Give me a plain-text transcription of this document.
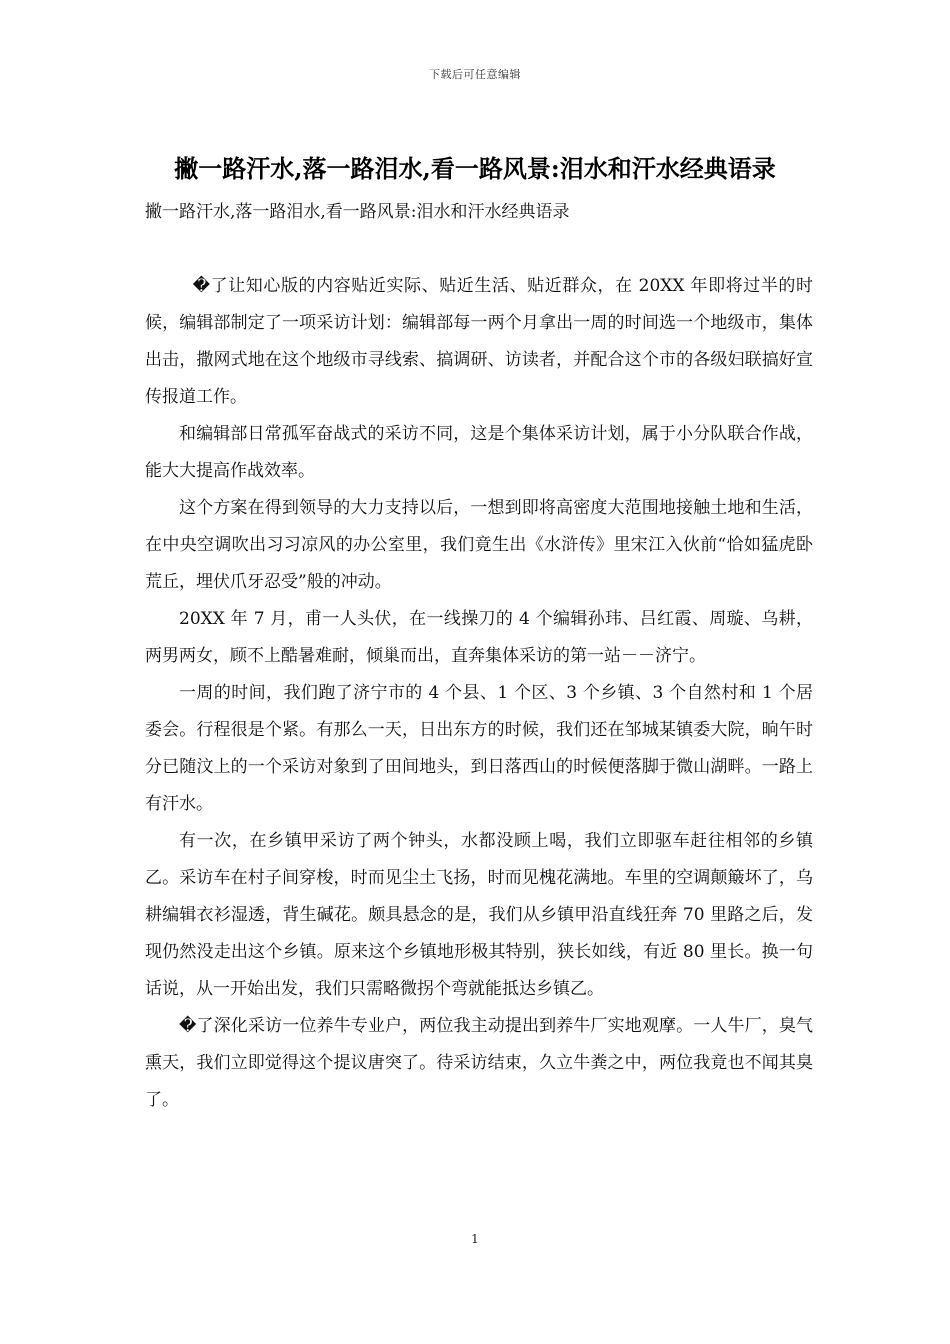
下载后可任意编辑
撇一路汗水,落一路泪水,看一路风景:泪水和汗水经典语录
撇一路汗水,落一路泪水,看一路风景:泪水和汗水经典语录

�了让知心版的内容贴近实际、贴近生活、贴近群众，在 20XX 年即将过半的时候，编辑部制定了一项采访计划：编辑部每一两个月拿出一周的时间选一个地级市，集体出击，撒网式地在这个地级市寻线索、搞调研、访读者，并配合这个市的各级妇联搞好宣传报道工作。

和编辑部日常孤军奋战式的采访不同，这是个集体采访计划，属于小分队联合作战，能大大提高作战效率。

这个方案在得到领导的大力支持以后，一想到即将高密度大范围地接触土地和生活，在中央空调吹出习习凉风的办公室里，我们竟生出《水浒传》里宋江入伙前“恰如猛虎卧荒丘，埋伏爪牙忍受”般的冲动。

20XX 年 7 月，甫一人头伏，在一线操刀的 4 个编辑孙玮、吕红霞、周璇、乌耕，两男两女，顾不上酷暑难耐，倾巢而出，直奔集体采访的第一站－－济宁。

一周的时间，我们跑了济宁市的 4 个县、1 个区、3 个乡镇、3 个自然村和 1 个居委会。行程很是个紧。有那么一天，日出东方的时候，我们还在邹城某镇委大院，晌午时分已随汶上的一个采访对象到了田间地头，到日落西山的时候便落脚于微山湖畔。一路上有汗水。

有一次，在乡镇甲采访了两个钟头，水都没顾上喝，我们立即驱车赶往相邻的乡镇乙。采访车在村子间穿梭，时而见尘土飞扬，时而见槐花满地。车里的空调颠簸坏了，乌耕编辑衣衫湿透，背生碱花。颇具悬念的是，我们从乡镇甲沿直线狂奔 70 里路之后，发现仍然没走出这个乡镇。原来这个乡镇地形极其特别，狭长如线，有近 80 里长。换一句话说，从一开始出发，我们只需略微拐个弯就能抵达乡镇乙。

�了深化采访一位养牛专业户，两位我主动提出到养牛厂实地观摩。一人牛厂，臭气熏天，我们立即觉得这个提议唐突了。待采访结束，久立牛粪之中，两位我竟也不闻其臭了。

1
